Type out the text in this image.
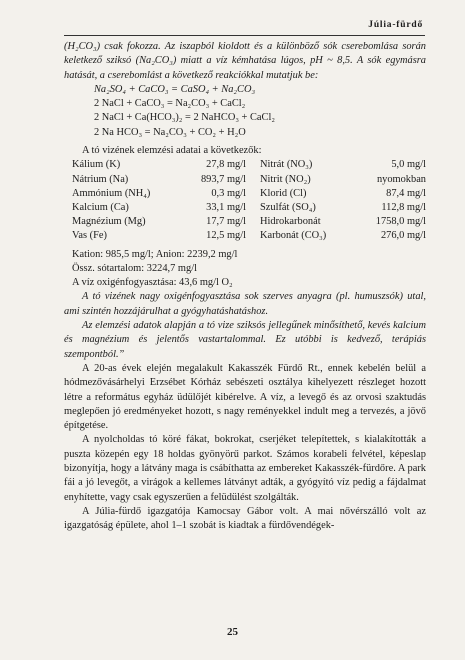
Júlia-fürdő

(H₂CO₃) csak fokozza. Az iszapból kioldott és a különböző sók cserebomlása során keletkező sziksó (Na₂CO₃) miatt a víz kémhatása lúgos, pH ~ 8,5. A sók egymásra hatását, a cserebomlást a következő reakciókkal mutatjuk be:

Na₂SO₄ + CaCO₃ = CaSO₄ + Na₂CO₃

2 NaCl + CaCO₃ = Na₂CO₃ + CaCl₂

2 NaCl + Ca(HCO₃)₂ = 2 NaHCO₃ + CaCl₂

2 Na HCO₃ = Na₂CO₃ + CO₂ + H₂O

A tó vizének elemzési adatai a következők:

Kálium (K)	27,8 mg/l	Nitrát (NO₃)	5,0 mg/l
Nátrium (Na)	893,7 mg/l	Nitrit (NO₂)	nyomokban
Ammónium (NH₄)	0,3 mg/l	Klorid (Cl)	87,4 mg/l
Kalcium (Ca)	33,1 mg/l	Szulfát (SO₄)	112,8 mg/l
Magnézium (Mg)	17,7 mg/l	Hidrokarbonát	1758,0 mg/l
Vas (Fe)	12,5 mg/l	Karbonát (CO₃)	276,0 mg/l

Kation: 985,5 mg/l; Anion: 2239,2 mg/l

Össz. sótartalom: 3224,7 mg/l

A víz oxigénfogyasztása: 43,6 mg/l O₂

A tó vizének nagy oxigénfogyasztása sok szerves anyagra (pl. humuszsók) utal, ami szintén hozzájárulhat a gyógyhatáshatáshoz.

Az elemzési adatok alapján a tó vize sziksós jellegűnek minősíthető, kevés kalcium és magnézium és jelentős vastartalommal. Ez utóbbi is kedvező, terápiás szempontból.”

A 20-as évek elején megalakult Kakasszék Fürdő Rt., ennek kebelén belül a hódmezővásárhelyi Erzsébet Kórház sebészeti osztálya kihelyezett részleget hozott létre a református egyház üdülőjét kibérelve. A víz, a levegő és az orvosi szaktudás meglepően jó eredményeket hozott, s nagy reményekkel indult meg a tervezés, a jövő építgetése.

A nyolcholdas tó köré fákat, bokrokat, cserjéket telepítettek, s kialakították a puszta közepén egy 18 holdas gyönyörű parkot. Számos korabeli felvétel, képeslap bizonyítja, hogy a látvány maga is csábíthatta az embereket Kakasszék-fürdőre. A park fái a jó levegőt, a virágok a kellemes látványt adták, a gyógyító víz pedig a fájdalmat enyhítette, vagy csak egyszerűen a felüdülést szolgálták.

A Júlia-fürdő igazgatója Kamocsay Gábor volt. A mai nővérszálló volt az igazgatóság épülete, ahol 1–1 szobát is kiadtak a fürdővendégek-

25
